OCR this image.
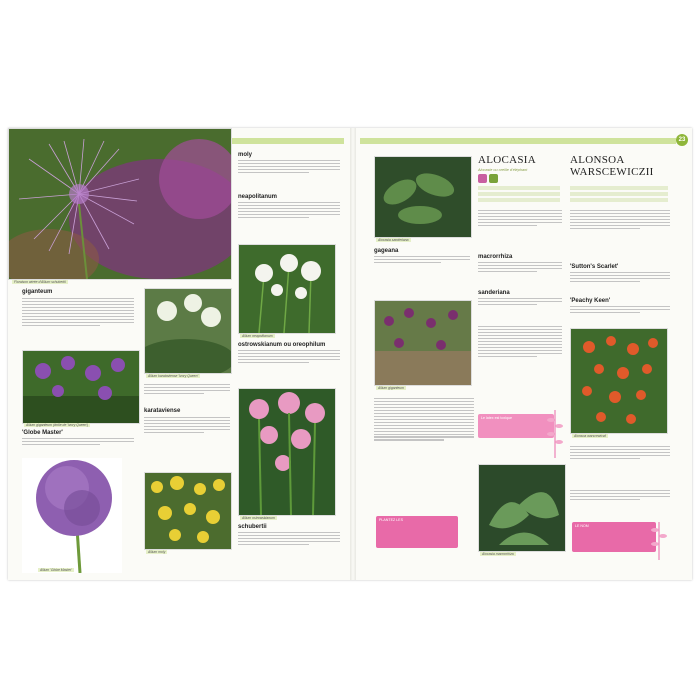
23
Floraison aérée d'Allium schubertii
giganteum
Allium giganteum (drôle de 'Ivory Queen')
'Globe Master'
Allium 'Globe Master'
Allium karataviense 'Ivory Queen'
karataviense
Allium moly
moly
neapolitanum
Allium neapolitanum
ostrowskianum ou oreophilum
Allium ostrowskianum
schubertii
Alocasia sanderiana
gageana
Allium giganteum
PLANTEZ LES
ALOCASIA
Alocasie ou oreille d'éléphant
macrorrhiza
sanderiana
Le latex est toxique
Alocasia macrorrhiza
ALONSOA
WARSCEWICZII
'Sutton's Scarlet'
'Peachy Keen'
Alonsoa warscewiczii
LE NOM
